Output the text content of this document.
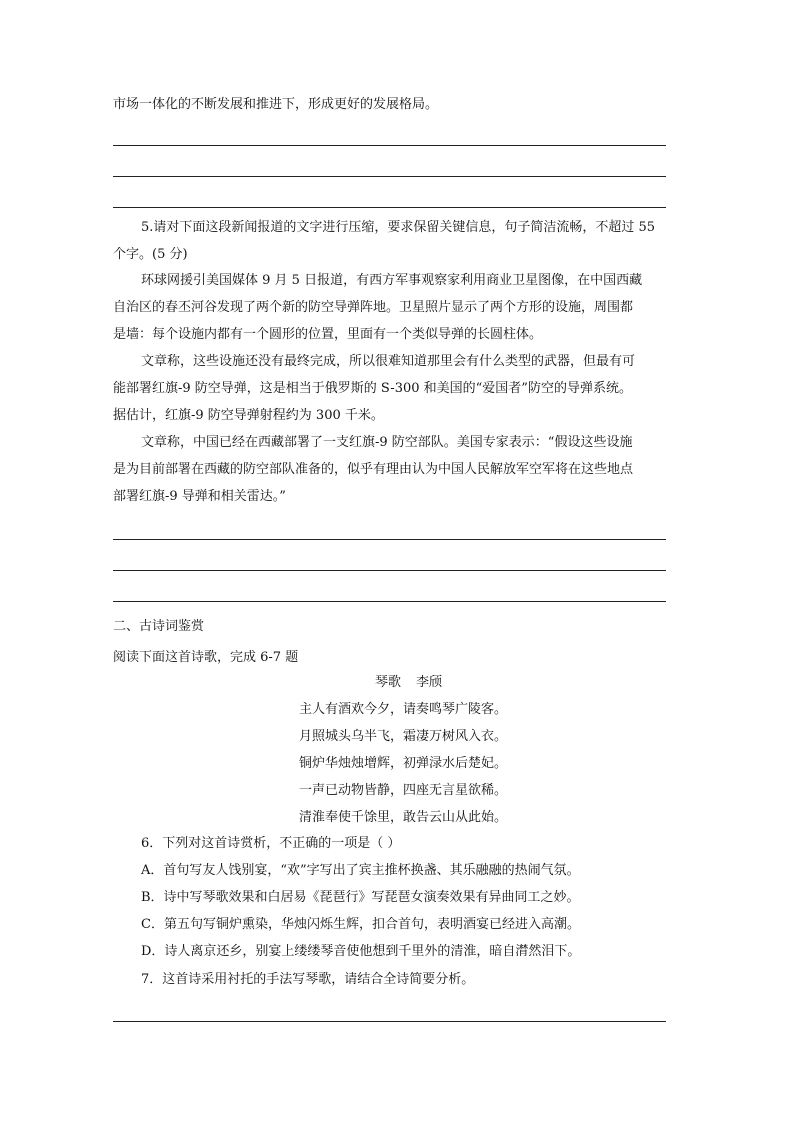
市场一体化的不断发展和推进下，形成更好的发展格局。
5.请对下面这段新闻报道的文字进行压缩，要求保留关键信息，句子简洁流畅，不超过 55
个字。(5 分)
环球网援引美国媒体 9 月 5 日报道，有西方军事观察家利用商业卫星图像，在中国西藏
自治区的春丕河谷发现了两个新的防空导弹阵地。卫星照片显示了两个方形的设施，周围都
是墙：每个设施内都有一个圆形的位置，里面有一个类似导弹的长圆柱体。
文章称，这些设施还没有最终完成，所以很难知道那里会有什么类型的武器，但最有可
能部署红旗-9 防空导弹，这是相当于俄罗斯的 S-300 和美国的“爱国者”防空的导弹系统。
据估计，红旗-9 防空导弹射程约为 300 千米。
文章称，中国已经在西藏部署了一支红旗-9 防空部队。美国专家表示：“假设这些设施
是为目前部署在西藏的防空部队准备的，似乎有理由认为中国人民解放军空军将在这些地点
部署红旗-9 导弹和相关雷达。”
二、古诗词鉴赏
阅读下面这首诗歌，完成 6-7 题
琴歌 李颀
主人有酒欢今夕，请奏鸣琴广陵客。
月照城头乌半飞，霜凄万树风入衣。
铜炉华烛烛增辉，初弹渌水后楚妃。
一声已动物皆静，四座无言星欲稀。
清淮奉使千馀里，敢告云山从此始。
6．下列对这首诗赏析，不正确的一项是（ ）
A．首句写友人饯别宴，“欢”字写出了宾主推杯换盏、其乐融融的热闹气氛。
B．诗中写琴歌效果和白居易《琵琶行》写琵琶女演奏效果有异曲同工之妙。
C．第五句写铜炉熏染，华烛闪烁生辉，扣合首句，表明酒宴已经进入高潮。
D．诗人离京还乡，别宴上缕缕琴音使他想到千里外的清淮，暗自潸然泪下。
7．这首诗采用衬托的手法写琴歌，请结合全诗简要分析。
